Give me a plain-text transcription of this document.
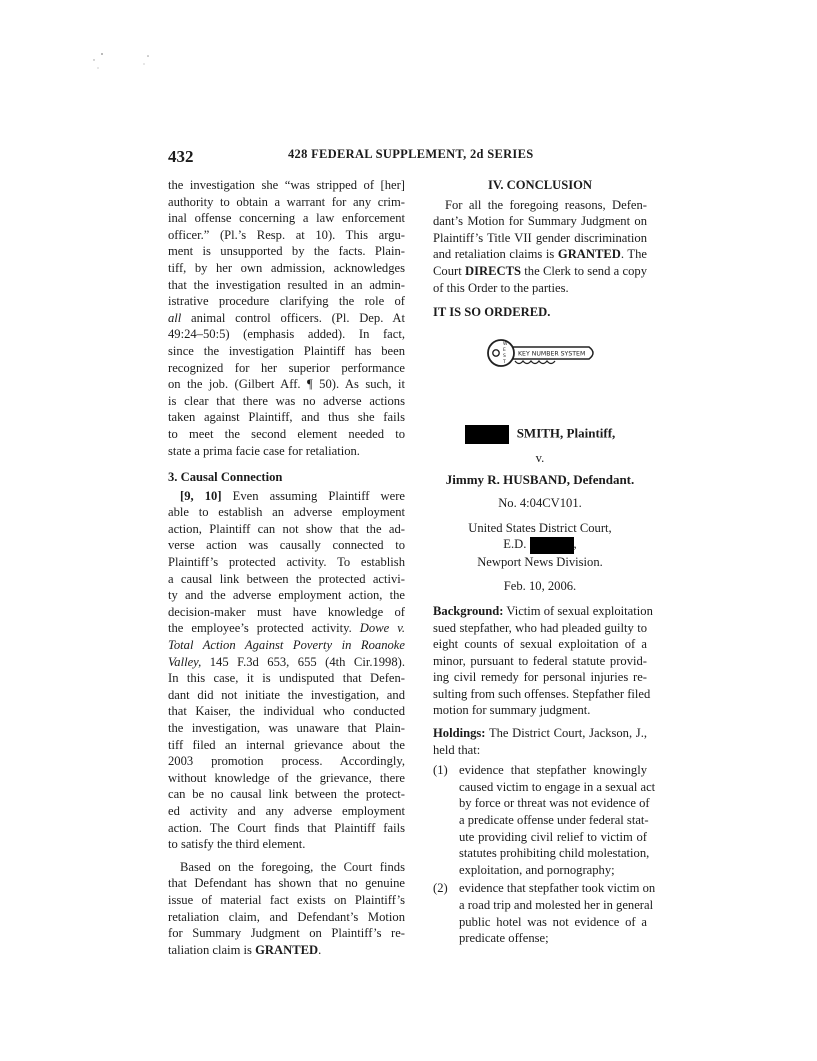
432	428 FEDERAL SUPPLEMENT, 2d SERIES
the investigation she “was stripped of [her]
authority to obtain a warrant for any crim-
inal offense concerning a law enforcement
officer.” (Pl.’s Resp. at 10). This argu-
ment is unsupported by the facts. Plain-
tiff, by her own admission, acknowledges
that the investigation resulted in an admin-
istrative procedure clarifying the role of
all animal control officers. (Pl. Dep. At
49:24–50:5) (emphasis added). In fact,
since the investigation Plaintiff has been
recognized for her superior performance
on the job. (Gilbert Aff. ¶ 50). As such, it
is clear that there was no adverse actions
taken against Plaintiff, and thus she fails
to meet the second element needed to
state a prima facie case for retaliation.
3. Causal Connection
[9, 10] Even assuming Plaintiff were
able to establish an adverse employment
action, Plaintiff can not show that the ad-
verse action was causally connected to
Plaintiff’s protected activity. To establish
a causal link between the protected activi-
ty and the adverse employment action, the
decision-maker must have knowledge of
the employee’s protected activity. Dowe v.
Total Action Against Poverty in Roanoke
Valley, 145 F.3d 653, 655 (4th Cir.1998).
In this case, it is undisputed that Defen-
dant did not initiate the investigation, and
that Kaiser, the individual who conducted
the investigation, was unaware that Plain-
tiff filed an internal grievance about the
2003 promotion process. Accordingly,
without knowledge of the grievance, there
can be no causal link between the protect-
ed activity and any adverse employment
action. The Court finds that Plaintiff fails
to satisfy the third element.
Based on the foregoing, the Court finds
that Defendant has shown that no genuine
issue of material fact exists on Plaintiff’s
retaliation claim, and Defendant’s Motion
for Summary Judgment on Plaintiff’s re-
taliation claim is GRANTED.
IV. CONCLUSION
For all the foregoing reasons, Defen-
dant’s Motion for Summary Judgment on
Plaintiff’s Title VII gender discrimination
and retaliation claims is GRANTED. The
Court DIRECTS the Clerk to send a copy
of this Order to the parties.
IT IS SO ORDERED.
W
E
S
T
KEY NUMBER SYSTEM
SMITH, Plaintiff,
v.
Jimmy R. HUSBAND, Defendant.
No. 4:04CV101.
United States District Court,
E.D.	,
Newport News Division.
Feb. 10, 2006.
Background: Victim of sexual exploitation
sued stepfather, who had pleaded guilty to
eight counts of sexual exploitation of a
minor, pursuant to federal statute provid-
ing civil remedy for personal injuries re-
sulting from such offenses. Stepfather filed
motion for summary judgment.
Holdings: The District Court, Jackson, J.,
held that:
(1) evidence that stepfather knowingly
caused victim to engage in a sexual act
by force or threat was not evidence of
a predicate offense under federal stat-
ute providing civil relief to victim of
statutes prohibiting child molestation,
exploitation, and pornography;
(2) evidence that stepfather took victim on
a road trip and molested her in general
public hotel was not evidence of a
predicate offense;
